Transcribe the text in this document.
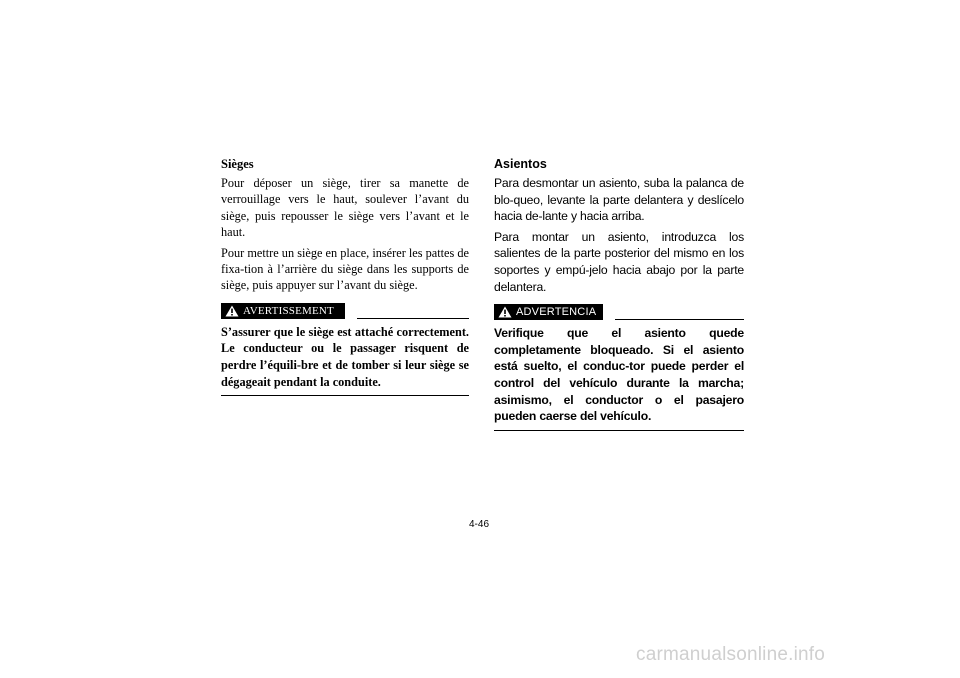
Sièges

Pour déposer un siège, tirer sa manette de verrouillage vers le haut, soulever l’avant du siège, puis repousser le siège vers l’avant et le haut.

Pour mettre un siège en place, insérer les pattes de fixa-tion à l’arrière du siège dans les supports de siège, puis appuyer sur l’avant du siège.

AVERTISSEMENT

S’assurer que le siège est attaché correctement. Le conducteur ou le passager risquent de perdre l’équili-bre et de tomber si leur siège se dégageait pendant la conduite.

Asientos

Para desmontar un asiento, suba la palanca de blo-queo, levante la parte delantera y deslícelo hacia de-lante y hacia arriba.

Para montar un asiento, introduzca los salientes de la parte posterior del mismo en los soportes y empú-jelo hacia abajo por la parte delantera.

ADVERTENCIA

Verifique que el asiento quede completamente bloqueado. Si el asiento está suelto, el conduc-tor puede perder el control del vehículo durante la marcha; asimismo, el conductor o el pasajero pueden caerse del vehículo.

4-46
carmanualsonline.info
